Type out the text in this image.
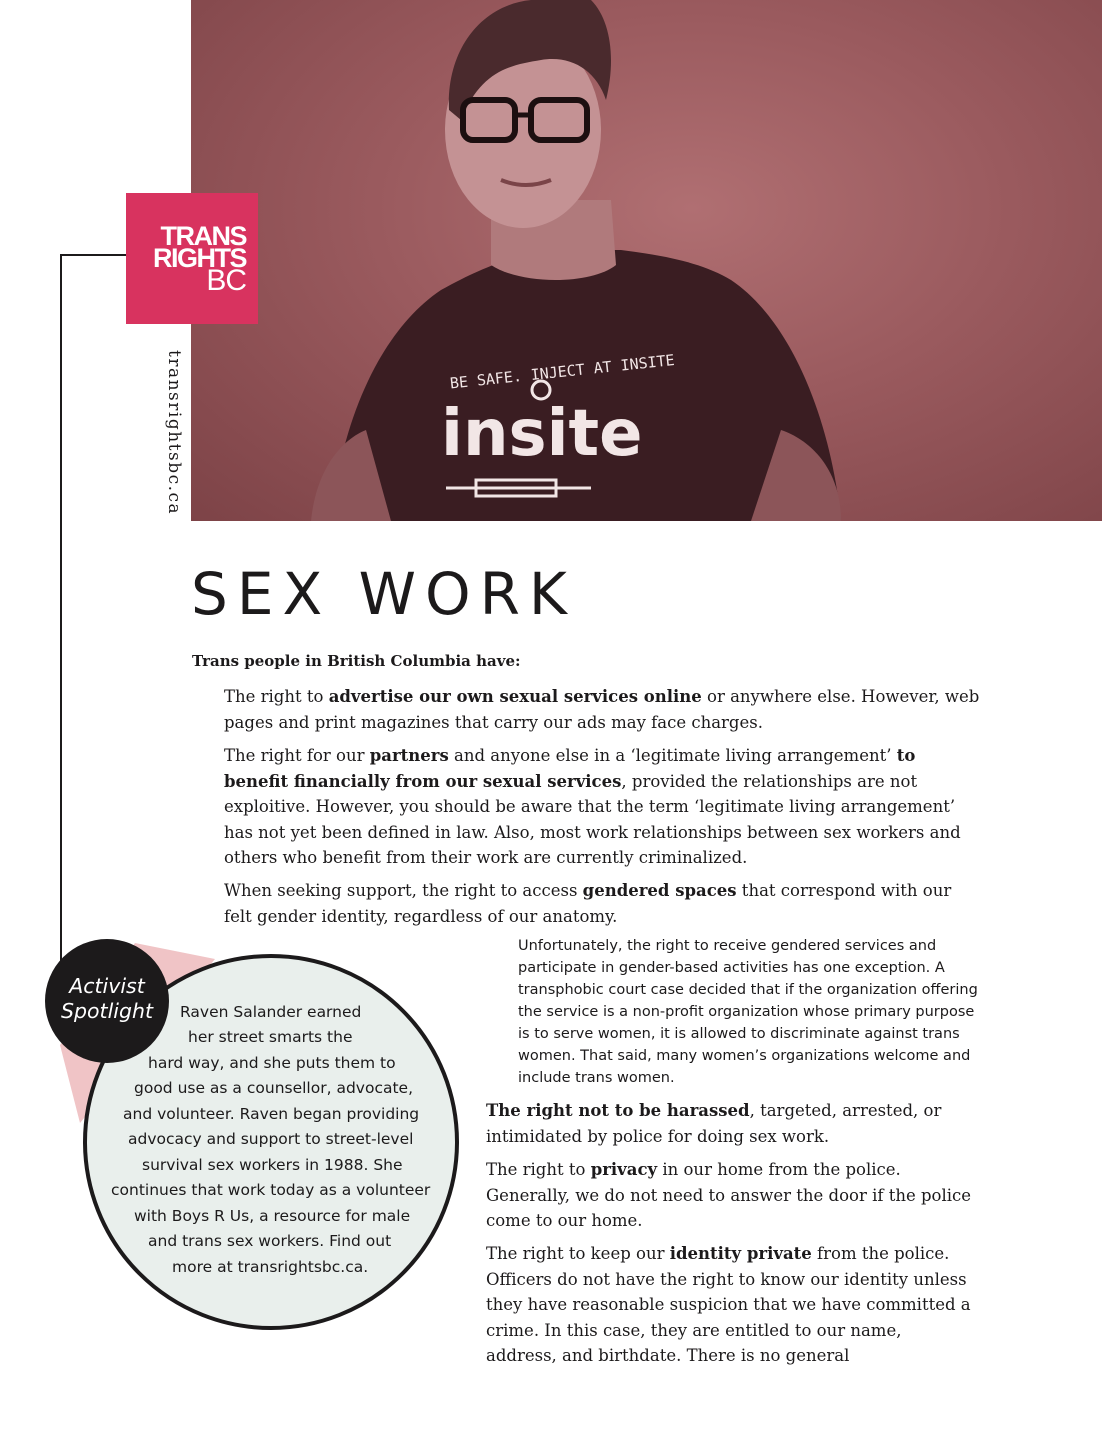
BE SAFE. INJECT AT INSITE
insite
TRANS
RIGHTS
BC
transrightsbc.ca
SEX WORK
Trans people in British Columbia have:

The right to advertise our own sexual services online or anywhere else. However, web pages and print magazines that carry our ads may face charges.

The right for our partners and anyone else in a ‘legitimate living arrangement’ to benefit financially from our sexual services, provided the relationships are not exploitive. However, you should be aware that the term ‘legitimate living arrangement’ has not yet been defined in law. Also, most work relationships between sex workers and others who benefit from their work are currently criminalized.

When seeking support, the right to access gendered spaces that correspond with our felt gender identity, regardless of our anatomy.

Unfortunately, the right to receive gendered services and participate in gender-based activities has one exception. A transphobic court case decided that if the organization offering the service is a non-profit organization whose primary purpose is to serve women, it is allowed to discriminate against trans women. That said, many women’s organizations welcome and include trans women.

The right not to be harassed, targeted, arrested, or intimidated by police for doing sex work.

The right to privacy in our home from the police. Generally, we do not need to answer the door if the police come to our home.

The right to keep our identity private from the police. Officers do not have the right to know our identity unless they have reasonable suspicion that we have committed a crime. In this case, they are entitled to our name, address, and birthdate. There is no general

Activist
Spotlight	Raven Salander earned
her street smarts the
hard way, and she puts them to
good use as a counsellor, advocate,
and volunteer. Raven began providing
advocacy and support to street-level
survival sex workers in 1988. She
continues that work today as a volunteer
with Boys R Us, a resource for male
and trans sex workers. Find out
more at transrightsbc.ca.
